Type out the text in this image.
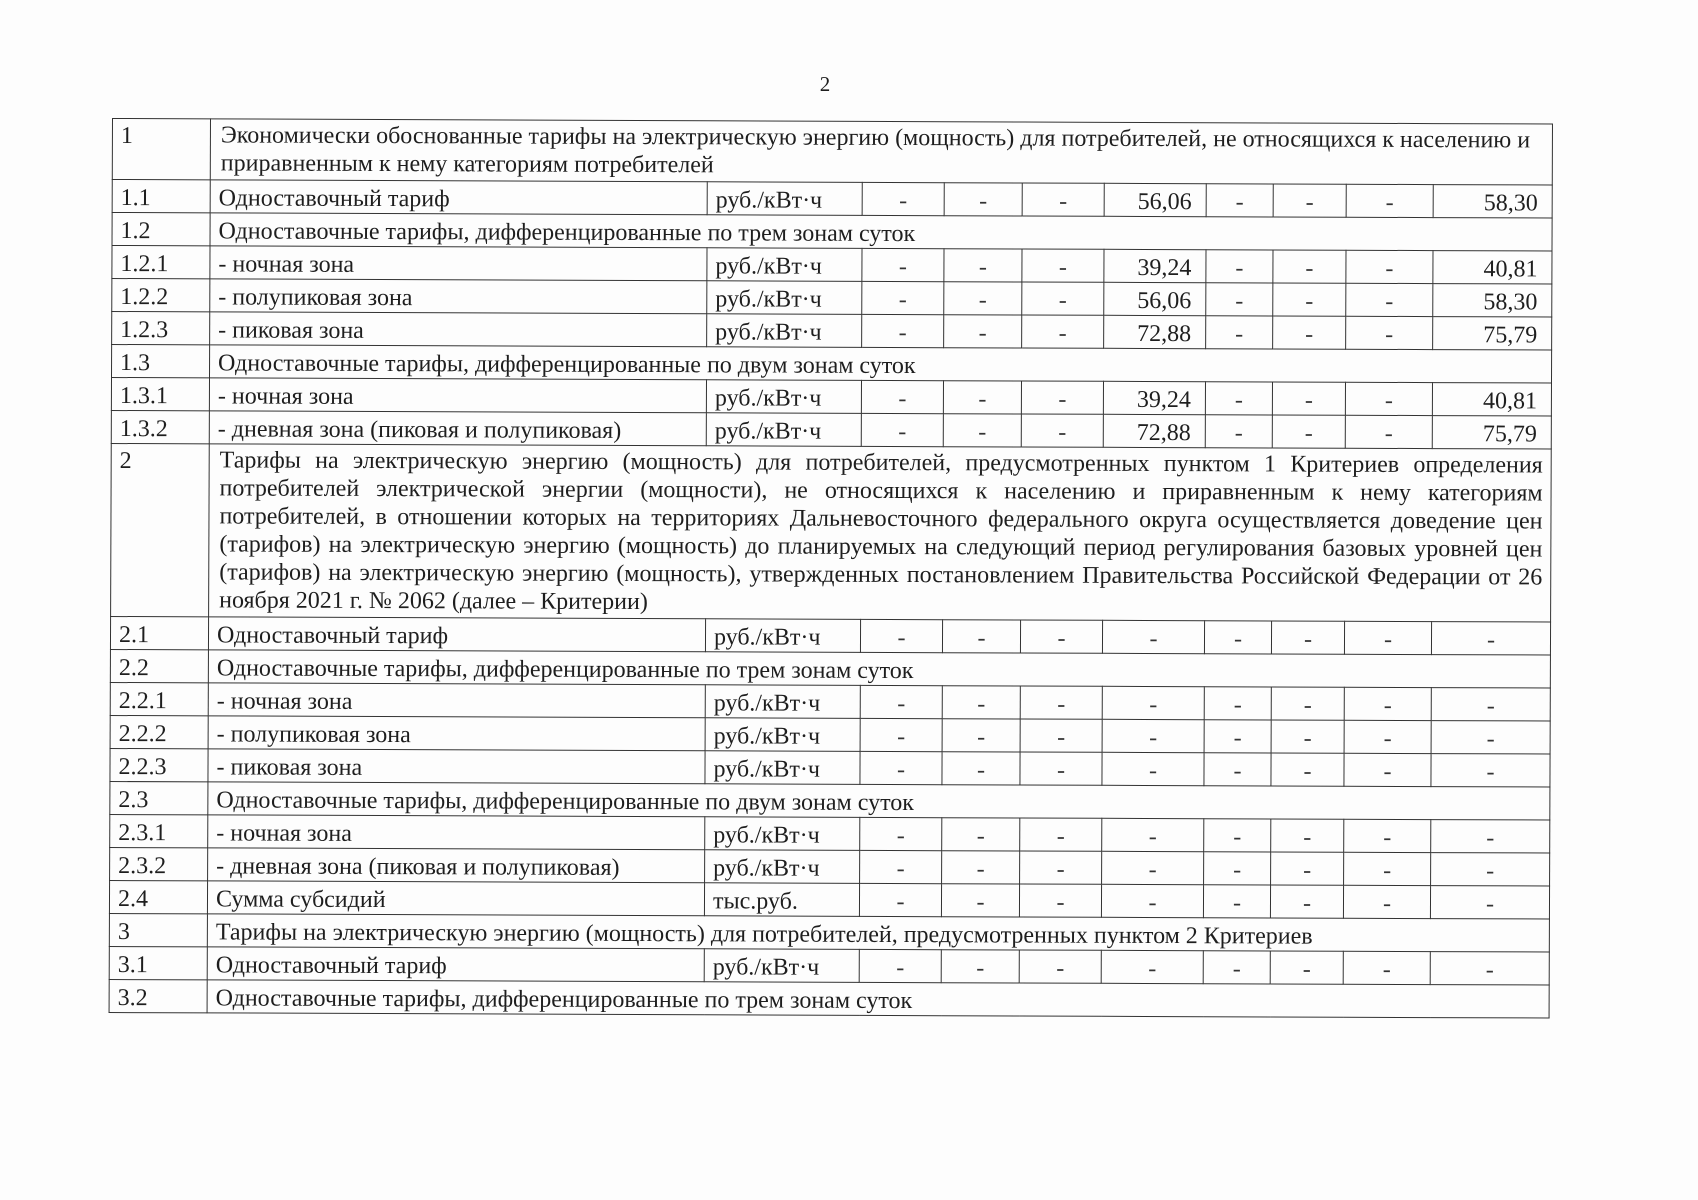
2
1	Экономически обоснованные тарифы на электрическую энергию (мощность) для потребителей, не относящихся к населению и приравненным к нему категориям потребителей									
1.1	Одноставочный тариф	руб./кВт·ч	-	-	-	56,06	-	-	-	58,30
1.2	Одноставочные тарифы, дифференцированные по трем зонам суток									
1.2.1	- ночная зона	руб./кВт·ч	-	-	-	39,24	-	-	-	40,81
1.2.2	- полупиковая зона	руб./кВт·ч	-	-	-	56,06	-	-	-	58,30
1.2.3	- пиковая зона	руб./кВт·ч	-	-	-	72,88	-	-	-	75,79
1.3	Одноставочные тарифы, дифференцированные по двум зонам суток									
1.3.1	- ночная зона	руб./кВт·ч	-	-	-	39,24	-	-	-	40,81
1.3.2	- дневная зона (пиковая и полупиковая)	руб./кВт·ч	-	-	-	72,88	-	-	-	75,79
2	Тарифы на электрическую энергию (мощность) для потребителей, предусмотренных пунктом 1 Критериев определения потребителей электрической энергии (мощности), не относящихся к населению и приравненным к нему категориям потребителей, в отношении которых на территориях Дальневосточного федерального округа осуществляется доведение цен (тарифов) на электрическую энергию (мощность) до планируемых на следующий период регулирования базовых уровней цен (тарифов) на электрическую энергию (мощность), утвержденных постановлением Правительства Российской Федерации от 26 ноября 2021 г. № 2062 (далее – Критерии)									
2.1	Одноставочный тариф	руб./кВт·ч	-	-	-	-	-	-	-	-
2.2	Одноставочные тарифы, дифференцированные по трем зонам суток									
2.2.1	- ночная зона	руб./кВт·ч	-	-	-	-	-	-	-	-
2.2.2	- полупиковая зона	руб./кВт·ч	-	-	-	-	-	-	-	-
2.2.3	- пиковая зона	руб./кВт·ч	-	-	-	-	-	-	-	-
2.3	Одноставочные тарифы, дифференцированные по двум зонам суток									
2.3.1	- ночная зона	руб./кВт·ч	-	-	-	-	-	-	-	-
2.3.2	- дневная зона (пиковая и полупиковая)	руб./кВт·ч	-	-	-	-	-	-	-	-
2.4	Сумма субсидий	тыс.руб.	-	-	-	-	-	-	-	-
3	Тарифы на электрическую энергию (мощность) для потребителей, предусмотренных пунктом 2 Критериев									
3.1	Одноставочный тариф	руб./кВт·ч	-	-	-	-	-	-	-	-
3.2	Одноставочные тарифы, дифференцированные по трем зонам суток									
